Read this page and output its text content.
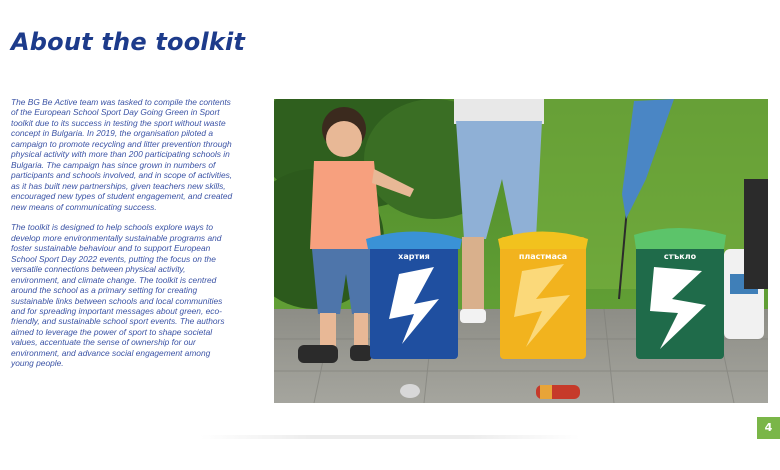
About the toolkit

The BG Be Active team was tasked to compile the contents of the European School Sport Day Going Green in Sport toolkit due to its success in testing the sport without waste concept in Bulgaria. In 2019, the organisation piloted a campaign to promote recycling and litter prevention through physical activity with more than 200 participating schools in Bulgaria. The campaign has since grown in numbers of participants and schools involved, and in scope of activities, as it has built new partnerships, given teachers new skills, encouraged new types of student engagement, and created new means of communicating success.

The toolkit is designed to help schools explore ways to develop more environmentally sustainable programs and foster sustainable behaviour and to support European School Sport Day 2022 events, putting the focus on the versatile connections between physical activity, environment, and climate change. The toolkit is centred around the school as a primary setting for creating sustainable links between schools and local communities and for spreading important messages about green, eco-friendly, and sustainable school sport events. The authors aimed to leverage the power of sport to shape societal values, accentuate the sense of ownership for our environment, and advance social engagement among young people.

хартия	пластмаса	стъкло
4
